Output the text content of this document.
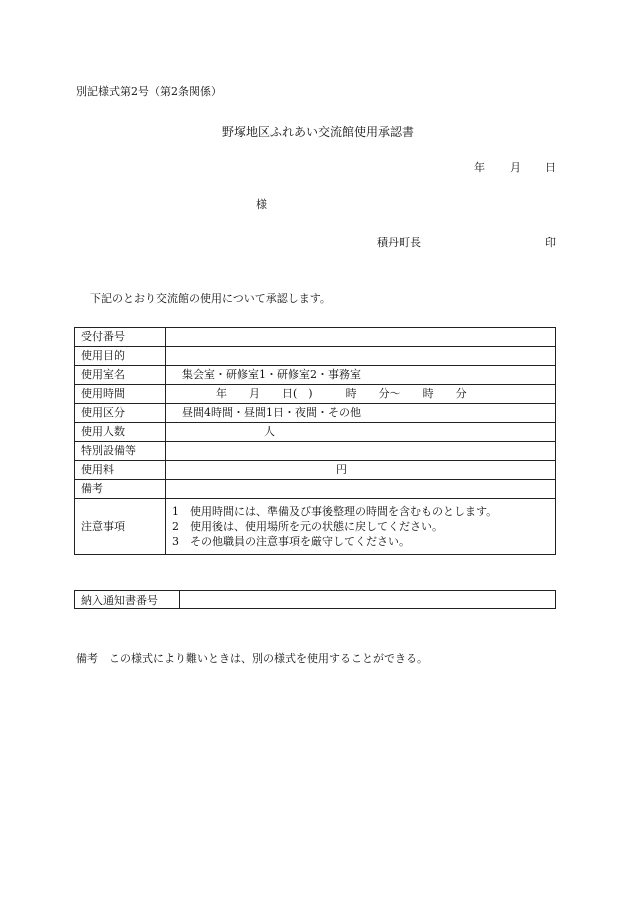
別記様式第2号（第2条関係）
野塚地区ふれあい交流館使用承認書
年 月 日
様
積丹町長	印
下記のとおり交流館の使用について承認します。
受付番号	
使用目的	
使用室名	集会室・研修室1・研修室2・事務室
使用時間	年　　月　　日(　)　　　時　　分〜　　時　　分
使用区分	昼間4時間・昼間1日・夜間・その他
使用人数	人
特別設備等	
使用料	円
備考	
注意事項	1　使用時間には、準備及び事後整理の時間を含むものとします。
2　使用後は、使用場所を元の状態に戻してください。
3　その他職員の注意事項を厳守してください。
納入通知書番号	
備考　この様式により難いときは、別の様式を使用することができる。
